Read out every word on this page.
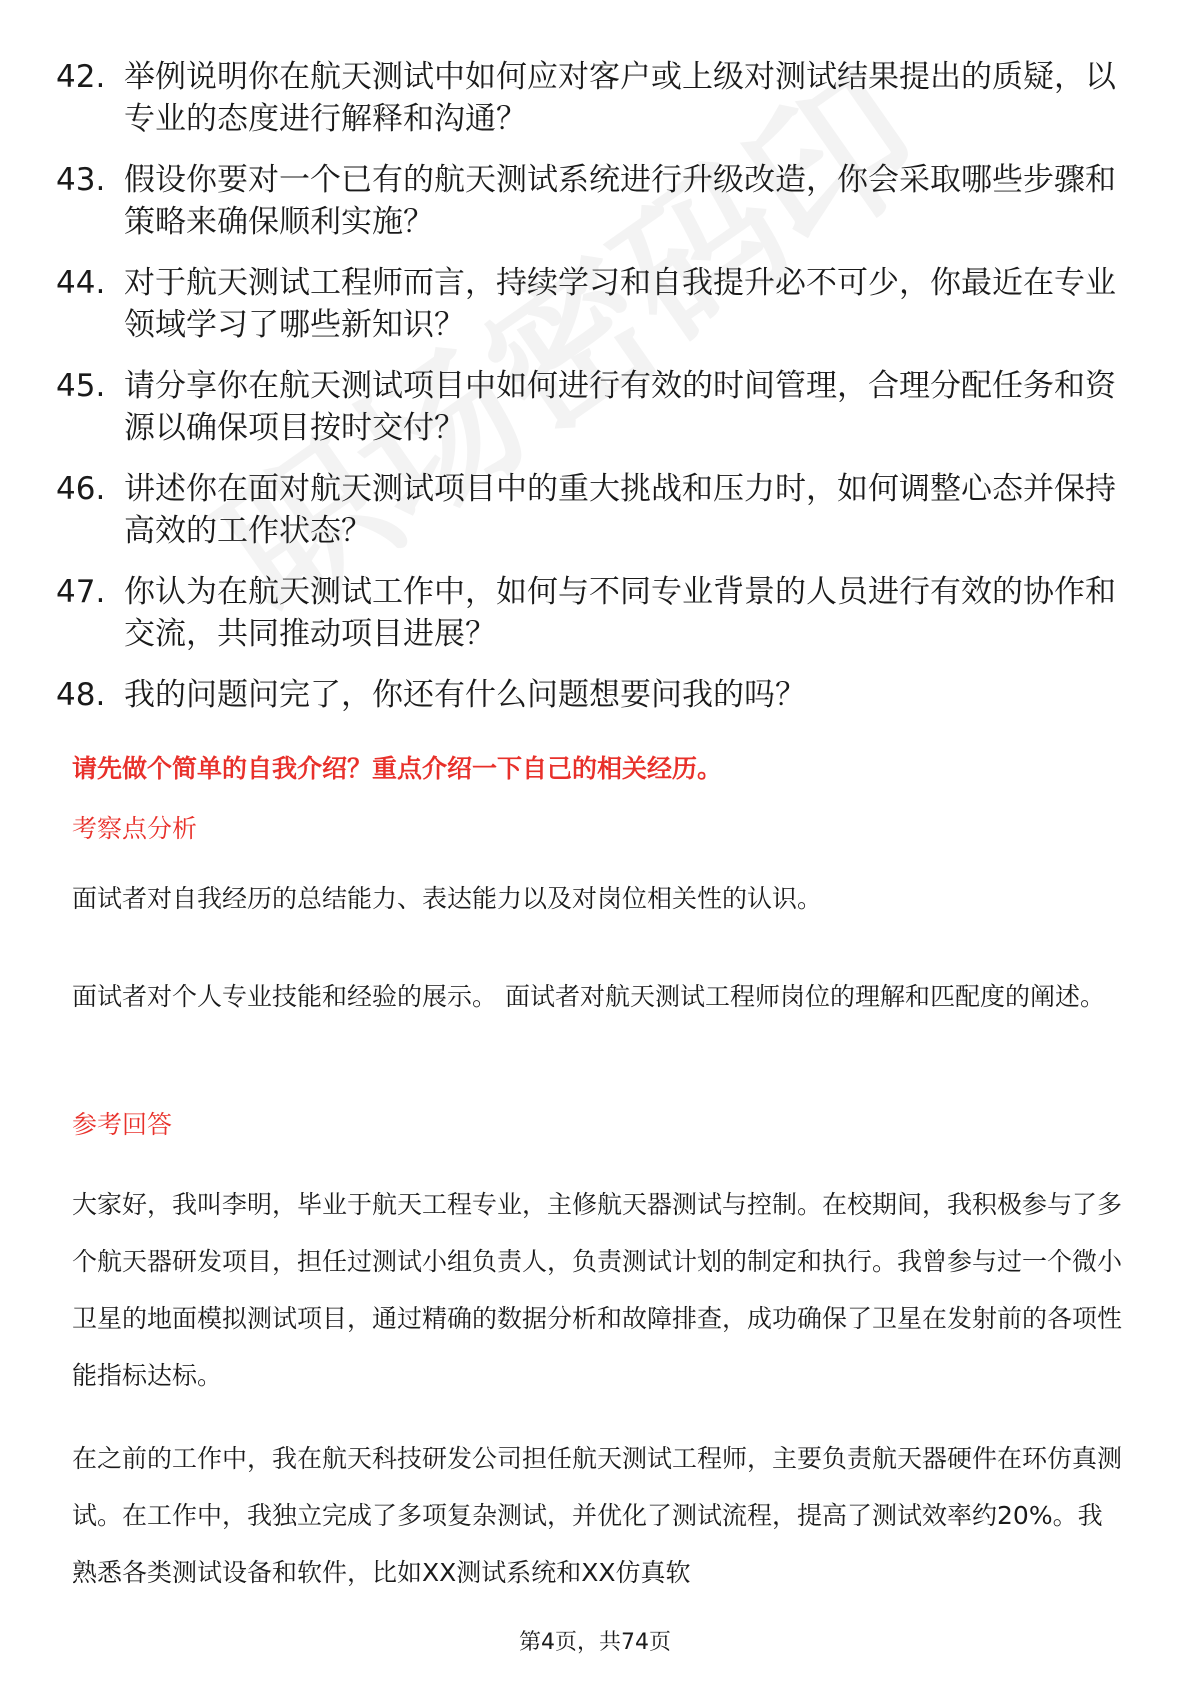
42. 举例说明你在航天测试中如何应对客户或上级对测试结果提出的质疑，以专业的态度进行解释和沟通？
43. 假设你要对一个已有的航天测试系统进行升级改造，你会采取哪些步骤和策略来确保顺利实施？
44. 对于航天测试工程师而言，持续学习和自我提升必不可少，你最近在专业领域学习了哪些新知识？
45. 请分享你在航天测试项目中如何进行有效的时间管理，合理分配任务和资源以确保项目按时交付？
46. 讲述你在面对航天测试项目中的重大挑战和压力时，如何调整心态并保持高效的工作状态？
47. 你认为在航天测试工作中，如何与不同专业背景的人员进行有效的协作和交流，共同推动项目进展？
48. 我的问题问完了，你还有什么问题想要问我的吗？
请先做个简单的自我介绍？重点介绍一下自己的相关经历。
考察点分析

面试者对自我经历的总结能力、表达能力以及对岗位相关性的认识。

面试者对个人专业技能和经验的展示。 面试者对航天测试工程师岗位的理解和匹配度的阐述。

参考回答

大家好，我叫李明，毕业于航天工程专业，主修航天器测试与控制。在校期间，我积极参与了多个航天器研发项目，担任过测试小组负责人，负责测试计划的制定和执行。我曾参与过一个微小卫星的地面模拟测试项目，通过精确的数据分析和故障排查，成功确保了卫星在发射前的各项性能指标达标。

在之前的工作中，我在航天科技研发公司担任航天测试工程师，主要负责航天器硬件在环仿真测试。在工作中，我独立完成了多项复杂测试，并优化了测试流程，提高了测试效率约20%。我熟悉各类测试设备和软件，比如XX测试系统和XX仿真软

第4页，共74页
